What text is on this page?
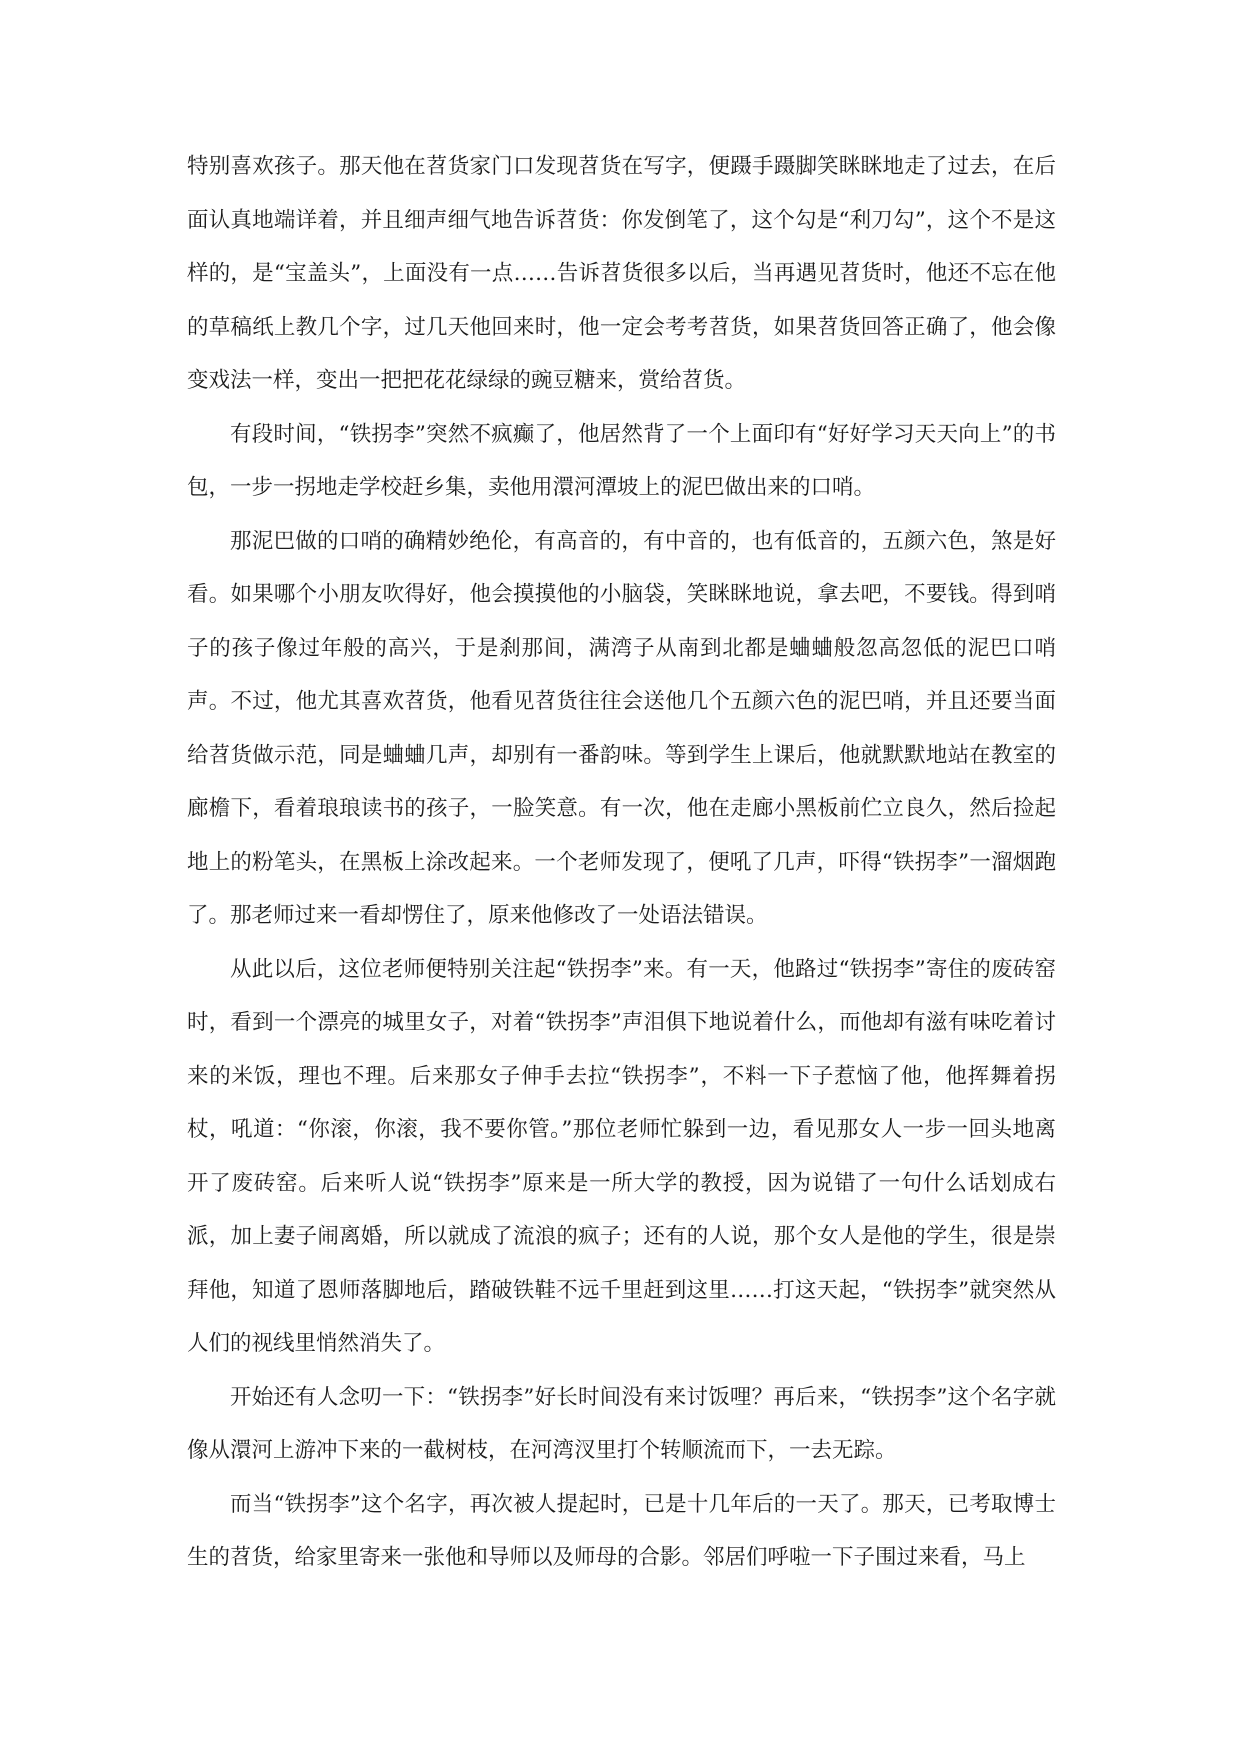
特别喜欢孩子。那天他在苕货家门口发现苕货在写字，便蹑手蹑脚笑眯眯地走了过去，在后面认真地端详着，并且细声细气地告诉苕货：你发倒笔了，这个勾是“利刀勾”，这个不是这样的，是“宝盖头”，上面没有一点……告诉苕货很多以后，当再遇见苕货时，他还不忘在他的草稿纸上教几个字，过几天他回来时，他一定会考考苕货，如果苕货回答正确了，他会像变戏法一样，变出一把把花花绿绿的豌豆糖来，赏给苕货。

有段时间，“铁拐李”突然不疯癫了，他居然背了一个上面印有“好好学习天天向上”的书包，一步一拐地走学校赶乡集，卖他用澴河潭坡上的泥巴做出来的口哨。

那泥巴做的口哨的确精妙绝伦，有高音的，有中音的，也有低音的，五颜六色，煞是好看。如果哪个小朋友吹得好，他会摸摸他的小脑袋，笑眯眯地说，拿去吧，不要钱。得到哨子的孩子像过年般的高兴，于是刹那间，满湾子从南到北都是蛐蛐般忽高忽低的泥巴口哨声。不过，他尤其喜欢苕货，他看见苕货往往会送他几个五颜六色的泥巴哨，并且还要当面给苕货做示范，同是蛐蛐几声，却别有一番韵味。等到学生上课后，他就默默地站在教室的廊檐下，看着琅琅读书的孩子，一脸笑意。有一次，他在走廊小黑板前伫立良久，然后捡起地上的粉笔头，在黑板上涂改起来。一个老师发现了，便吼了几声，吓得“铁拐李”一溜烟跑了。那老师过来一看却愣住了，原来他修改了一处语法错误。

从此以后，这位老师便特别关注起“铁拐李”来。有一天，他路过“铁拐李”寄住的废砖窑时，看到一个漂亮的城里女子，对着“铁拐李”声泪俱下地说着什么，而他却有滋有味吃着讨来的米饭，理也不理。后来那女子伸手去拉“铁拐李”，不料一下子惹恼了他，他挥舞着拐杖，吼道：“你滚，你滚，我不要你管。”那位老师忙躲到一边，看见那女人一步一回头地离开了废砖窑。后来听人说“铁拐李”原来是一所大学的教授，因为说错了一句什么话划成右派，加上妻子闹离婚，所以就成了流浪的疯子；还有的人说，那个女人是他的学生，很是崇拜他，知道了恩师落脚地后，踏破铁鞋不远千里赶到这里……打这天起，“铁拐李”就突然从人们的视线里悄然消失了。

开始还有人念叨一下：“铁拐李”好长时间没有来讨饭哩？再后来，“铁拐李”这个名字就像从澴河上游冲下来的一截树枝，在河湾汊里打个转顺流而下，一去无踪。

而当“铁拐李”这个名字，再次被人提起时，已是十几年后的一天了。那天，已考取博士生的苕货，给家里寄来一张他和导师以及师母的合影。邻居们呼啦一下子围过来看，马上
